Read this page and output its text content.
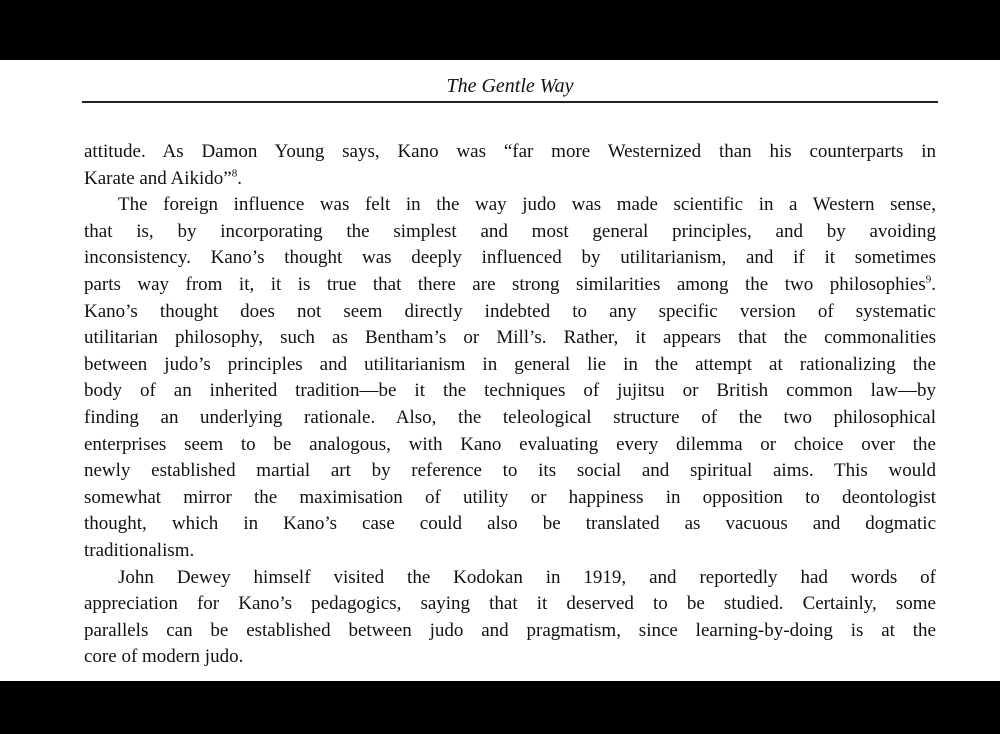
The Gentle Way
attitude. As Damon Young says, Kano was “far more Westernized than his counterparts in
Karate and Aikido”$^8$.
The foreign influence was felt in the way judo was made scientific in a Western sense,
that is, by incorporating the simplest and most general principles, and by avoiding
inconsistency. Kano’s thought was deeply influenced by utilitarianism, and if it sometimes
parts way from it, it is true that there are strong similarities among the two philosophies$^9$.
Kano’s thought does not seem directly indebted to any specific version of systematic
utilitarian philosophy, such as Bentham’s or Mill’s. Rather, it appears that the commonalities
between judo’s principles and utilitarianism in general lie in the attempt at rationalizing the
body of an inherited tradition—be it the techniques of jujitsu or British common law—by
finding an underlying rationale. Also, the teleological structure of the two philosophical
enterprises seem to be analogous, with Kano evaluating every dilemma or choice over the
newly established martial art by reference to its social and spiritual aims. This would
somewhat mirror the maximisation of utility or happiness in opposition to deontologist
thought, which in Kano’s case could also be translated as vacuous and dogmatic
traditionalism.
John Dewey himself visited the Kodokan in 1919, and reportedly had words of
appreciation for Kano’s pedagogics, saying that it deserved to be studied. Certainly, some
parallels can be established between judo and pragmatism, since learning-by-doing is at the
core of modern judo.
